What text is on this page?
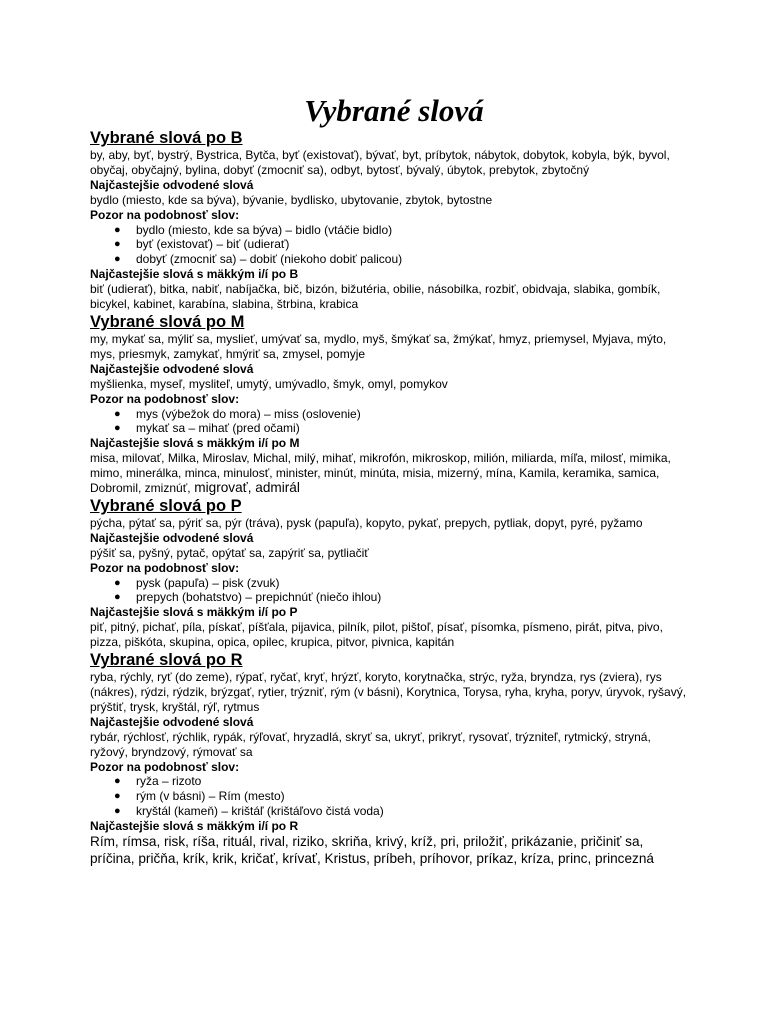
Vybrané slová

Vybrané slová po B

by, aby, byť, bystrý, Bystrica, Bytča, byť (existovať), bývať, byt, príbytok, nábytok, dobytok, kobyla, býk, byvol, obyčaj, obyčajný, bylina, dobyť (zmocniť sa), odbyt, bytosť, bývalý, úbytok, prebytok, zbytočný

Najčastejšie odvodené slová

bydlo (miesto, kde sa býva), bývanie, bydlisko, ubytovanie, zbytok, bytostne

Pozor na podobnosť slov:

● bydlo (miesto, kde sa býva) – bidlo (vtáčie bidlo)
● byť (existovať) – biť (udierať)
● dobyť (zmocniť sa) – dobiť (niekoho dobiť palicou)

Najčastejšie slová s mäkkým i/í po B

biť (udierať), bitka, nabiť, nabíjačka, bič, bizón, bižutéria, obilie, násobilka, rozbiť, obidvaja, slabika, gombík, bicykel, kabinet, karabína, slabina, štrbina, krabica

Vybrané slová po M

my, mykať sa, mýliť sa, myslieť, umývať sa, mydlo, myš, šmýkať sa, žmýkať, hmyz, priemysel, Myjava, mýto, mys, priesmyk, zamykať, hmýriť sa, zmysel, pomyje

Najčastejšie odvodené slová

myšlienka, myseľ, mysliteľ, umytý, umývadlo, šmyk, omyl, pomykov

Pozor na podobnosť slov:

● mys (výbežok do mora) – miss (oslovenie)
● mykať sa – mihať (pred očami)

Najčastejšie slová s mäkkým i/í po M

misa, milovať, Milka, Miroslav, Michal, milý, mihať, mikrofón, mikroskop, milión, miliarda, míľa, milosť, mimika, mimo, minerálka, minca, minulosť, minister, minút, minúta, misia, mizerný, mína, Kamila, keramika, samica, Dobromil, zmiznúť, migrovať, admirál

Vybrané slová po P

pýcha, pýtať sa, pýriť sa, pýr (tráva), pysk (papuľa), kopyto, pykať, prepych, pytliak, dopyt, pyré, pyžamo

Najčastejšie odvodené slová

pýšiť sa, pyšný, pytač, opýtať sa, zapýriť sa, pytliačiť

Pozor na podobnosť slov:

● pysk (papuľa) – pisk (zvuk)
● prepych (bohatstvo) – prepichnúť (niečo ihlou)

Najčastejšie slová s mäkkým i/í po P

piť, pitný, pichať, píla, pískať, píšťala, pijavica, pilník, pilot, pištoľ, písať, písomka, písmeno, pirát, pitva, pivo, pizza, piškóta, skupina, opica, opilec, krupica, pitvor, pivnica, kapitán

Vybrané slová po R

ryba, rýchly, ryť (do zeme), rýpať, ryčať, kryť, hrýzť, koryto, korytnačka, strýc, ryža, bryndza, rys (zviera), rys (nákres), rýdzi, rýdzik, brýzgať, rytier, trýzniť, rým (v básni), Korytnica, Torysa, ryha, kryha, poryv, úryvok, ryšavý, prýštiť, trysk, kryštál, rýľ, rytmus

Najčastejšie odvodené slová

rybár, rýchlosť, rýchlik, rypák, rýľovať, hryzadlá, skryť sa, ukryť, prikryť, rysovať, trýzniteľ, rytmický, stryná, ryžový, bryndzový, rýmovať sa

Pozor na podobnosť slov:

● ryža – rizoto
● rým (v básni) – Rím (mesto)
● kryštál (kameň) – krištáľ (krištáľovo čistá voda)

Najčastejšie slová s mäkkým i/í po R

Rím, rímsa, risk, ríša, rituál, rival, riziko, skriňa, krivý, kríž, pri, priložiť, prikázanie, pričiniť sa, príčina, pričňa, krík, krik, kričať, krívať, Kristus, príbeh, príhovor, príkaz, kríza, princ, princezná
